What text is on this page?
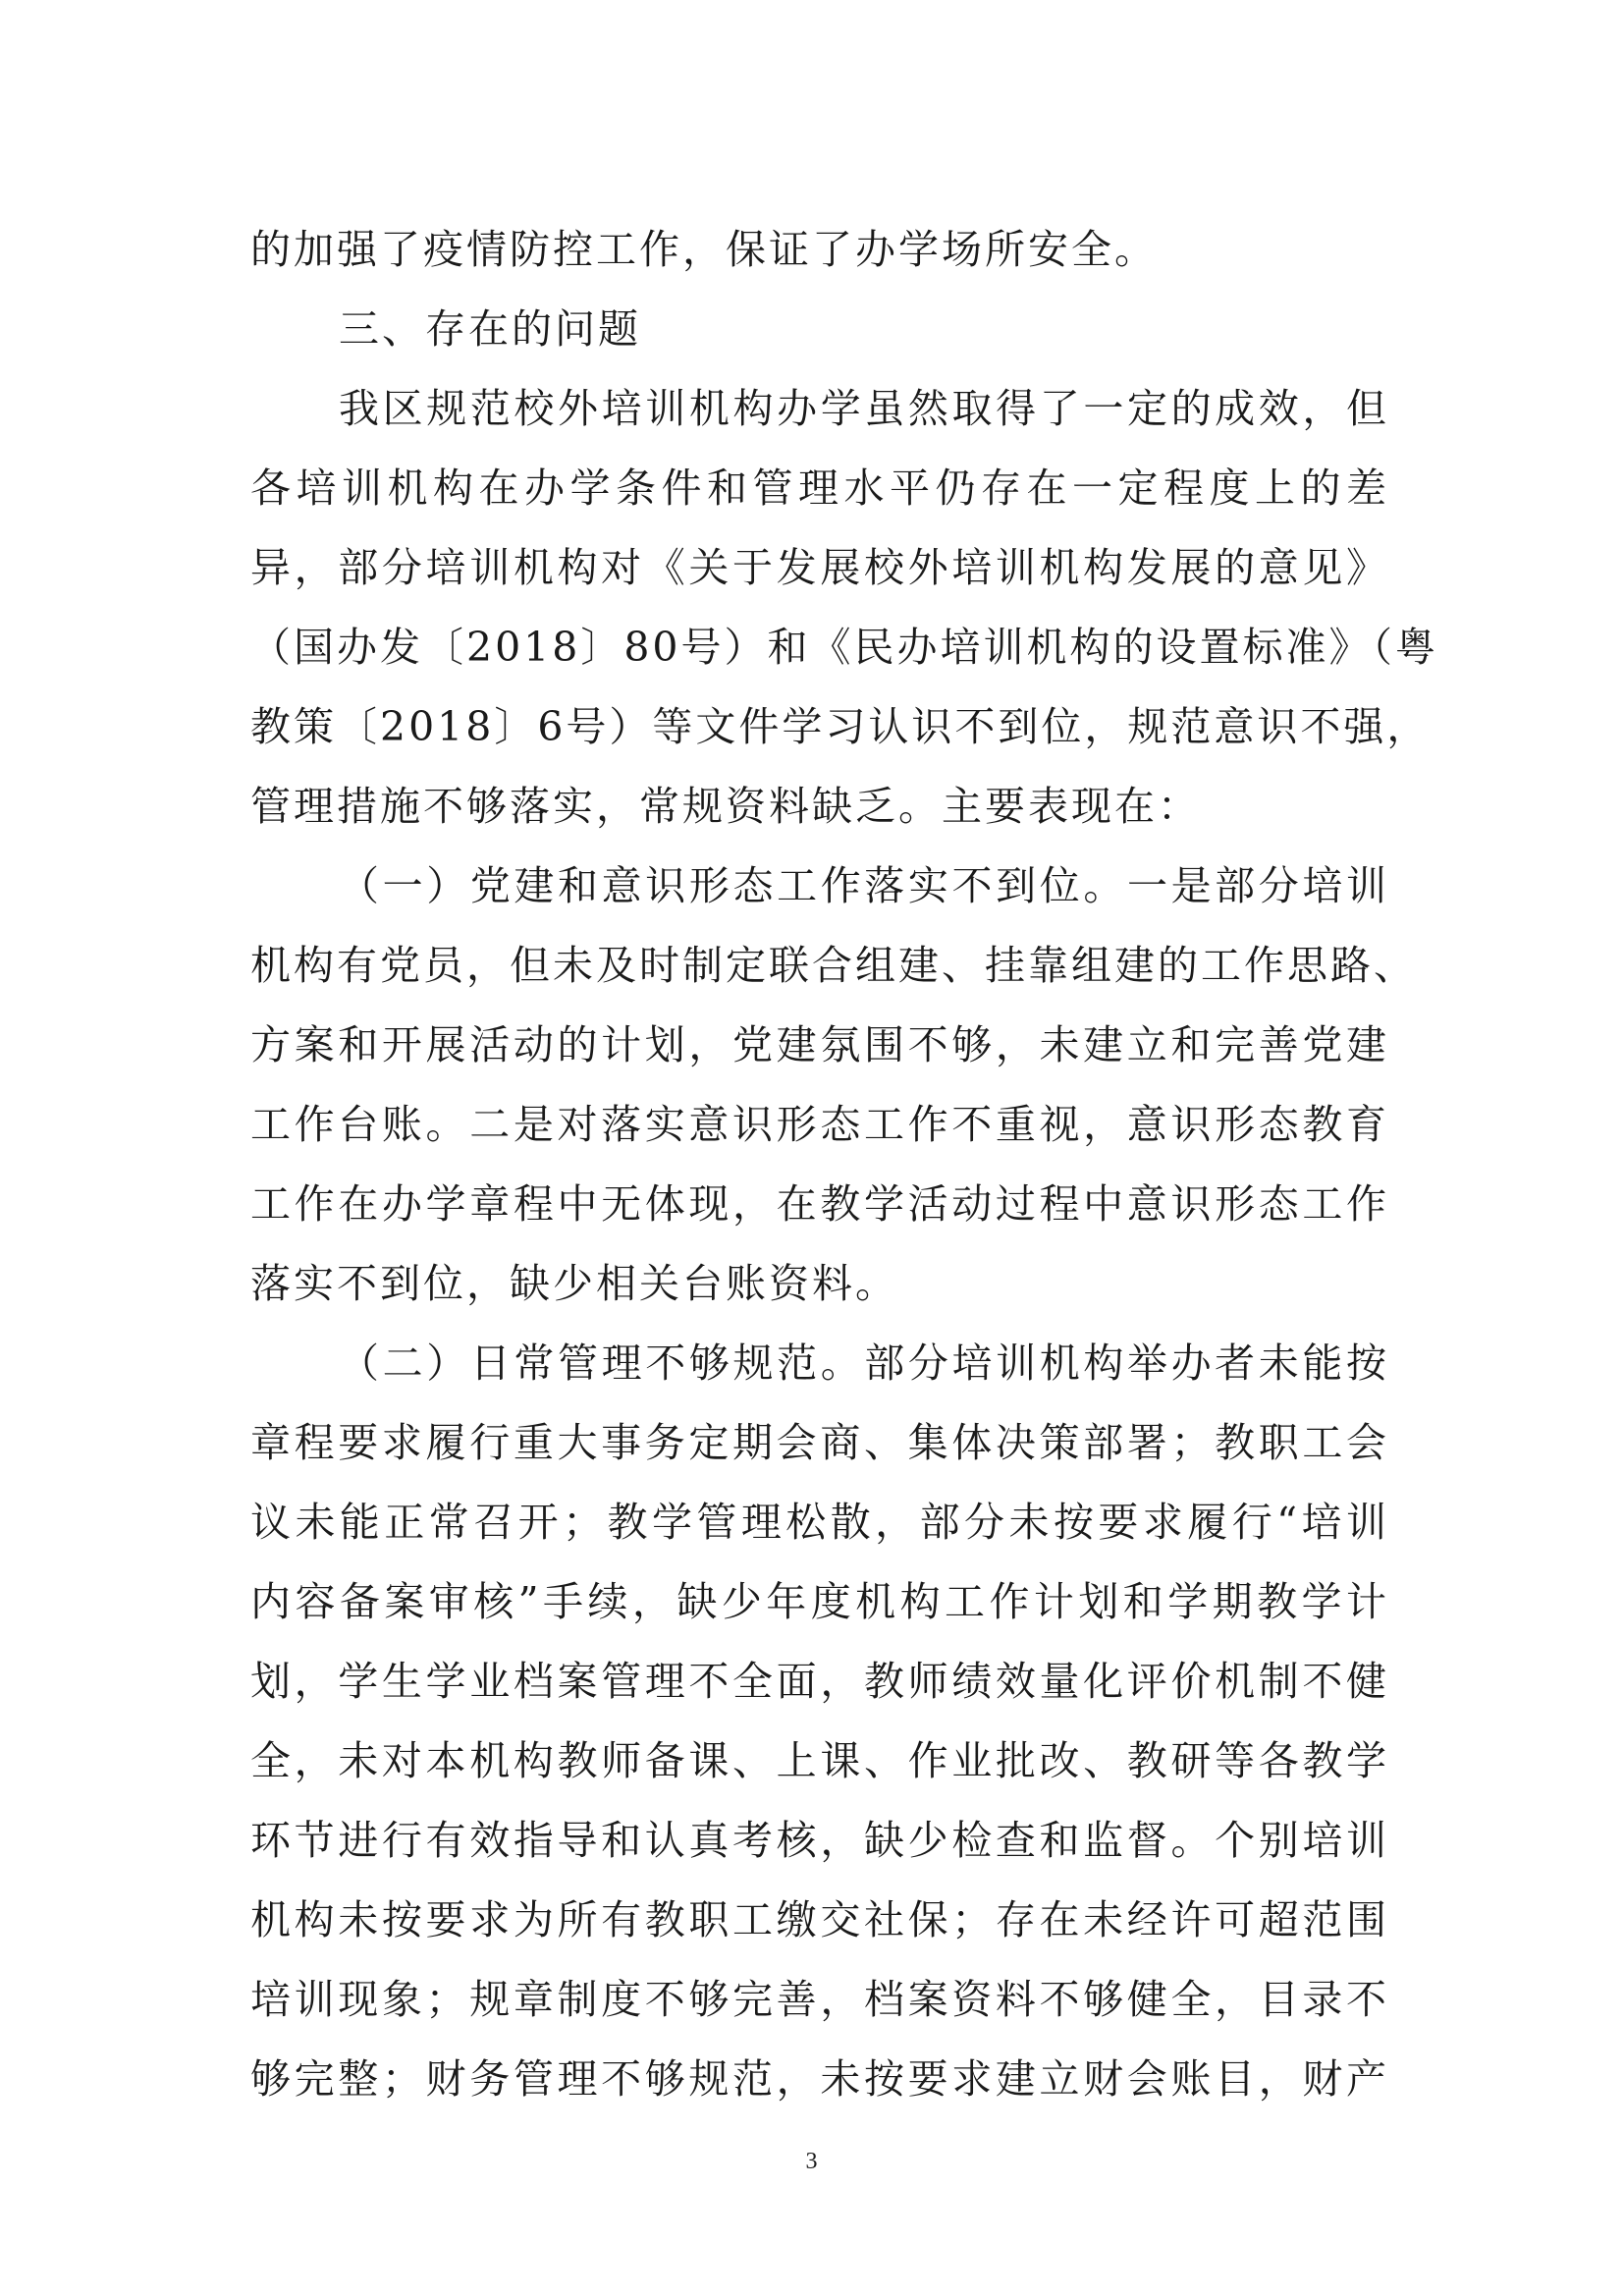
的加强了疫情防控工作，保证了办学场所安全。
三、存在的问题
我区规范校外培训机构办学虽然取得了一定的成效，但
各培训机构在办学条件和管理水平仍存在一定程度上的差
异，部分培训机构对《关于发展校外培训机构发展的意见》
（国办发〔2018〕80号）和《民办培训机构的设置标准》（粤
教策〔2018〕6号）等文件学习认识不到位，规范意识不强，
管理措施不够落实，常规资料缺乏。主要表现在：
（一）党建和意识形态工作落实不到位。一是部分培训
机构有党员，但未及时制定联合组建、挂靠组建的工作思路、
方案和开展活动的计划，党建氛围不够，未建立和完善党建
工作台账。二是对落实意识形态工作不重视，意识形态教育
工作在办学章程中无体现，在教学活动过程中意识形态工作
落实不到位，缺少相关台账资料。
（二）日常管理不够规范。部分培训机构举办者未能按
章程要求履行重大事务定期会商、集体决策部署；教职工会
议未能正常召开；教学管理松散，部分未按要求履行“培训
内容备案审核”手续，缺少年度机构工作计划和学期教学计
划，学生学业档案管理不全面，教师绩效量化评价机制不健
全，未对本机构教师备课、上课、作业批改、教研等各教学
环节进行有效指导和认真考核，缺少检查和监督。个别培训
机构未按要求为所有教职工缴交社保；存在未经许可超范围
培训现象；规章制度不够完善，档案资料不够健全，目录不
够完整；财务管理不够规范，未按要求建立财会账目，财产
3
